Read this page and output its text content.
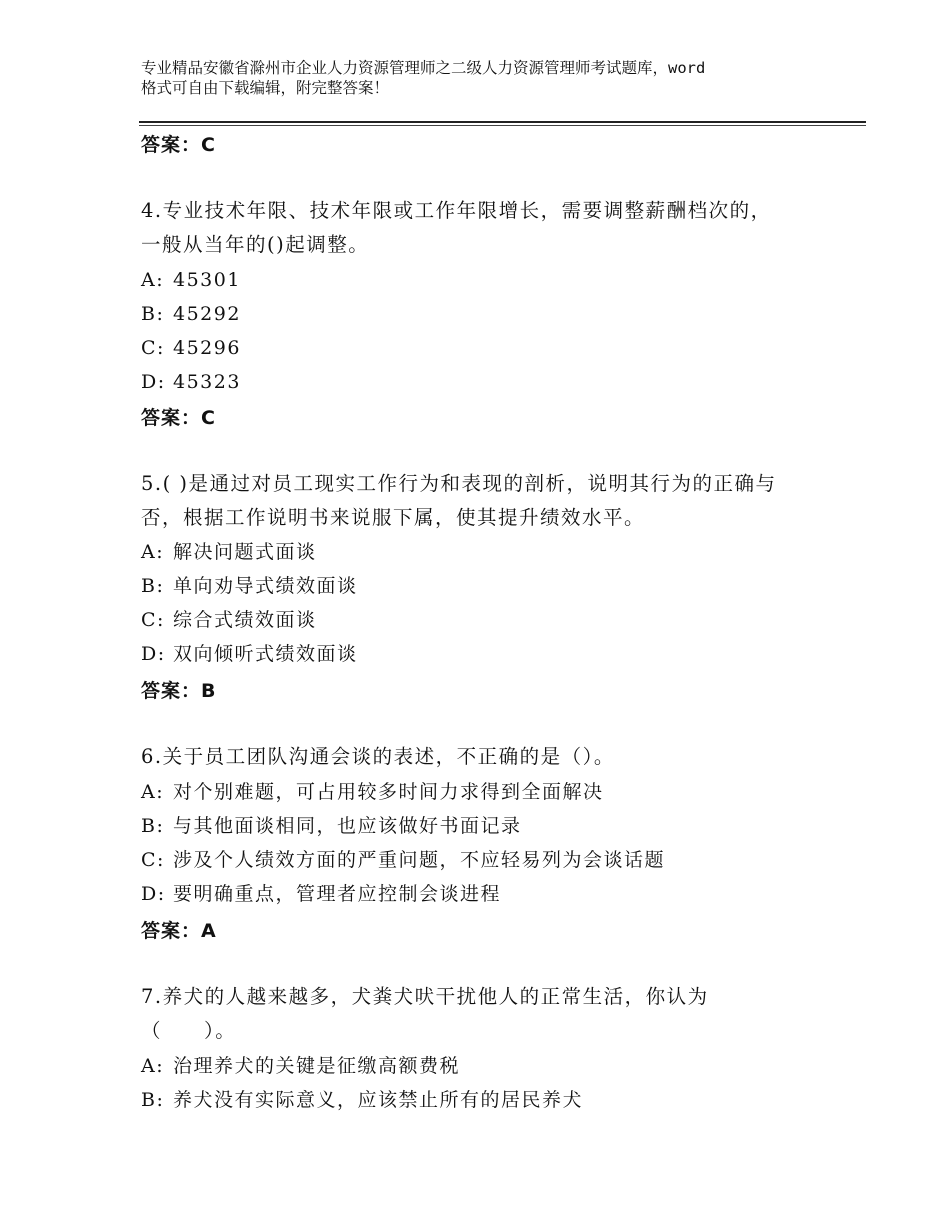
专业精品安徽省滁州市企业人力资源管理师之二级人力资源管理师考试题库，word
格式可自由下载编辑，附完整答案！
答案：C
4.专业技术年限、技术年限或工作年限增长，需要调整薪酬档次的，
一般从当年的()起调整。
A: 45301
B: 45292
C: 45296
D: 45323
答案：C
5.( )是通过对员工现实工作行为和表现的剖析，说明其行为的正确与
否，根据工作说明书来说服下属，使其提升绩效水平。
A: 解决问题式面谈
B: 单向劝导式绩效面谈
C: 综合式绩效面谈
D: 双向倾听式绩效面谈
答案：B
6.关于员工团队沟通会谈的表述，不正确的是（）。
A: 对个别难题，可占用较多时间力求得到全面解决
B: 与其他面谈相同，也应该做好书面记录
C: 涉及个人绩效方面的严重问题，不应轻易列为会谈话题
D: 要明确重点，管理者应控制会谈进程
答案：A
7.养犬的人越来越多，犬粪犬吠干扰他人的正常生活，你认为
（　　）。
A: 治理养犬的关键是征缴高额费税
B: 养犬没有实际意义，应该禁止所有的居民养犬
